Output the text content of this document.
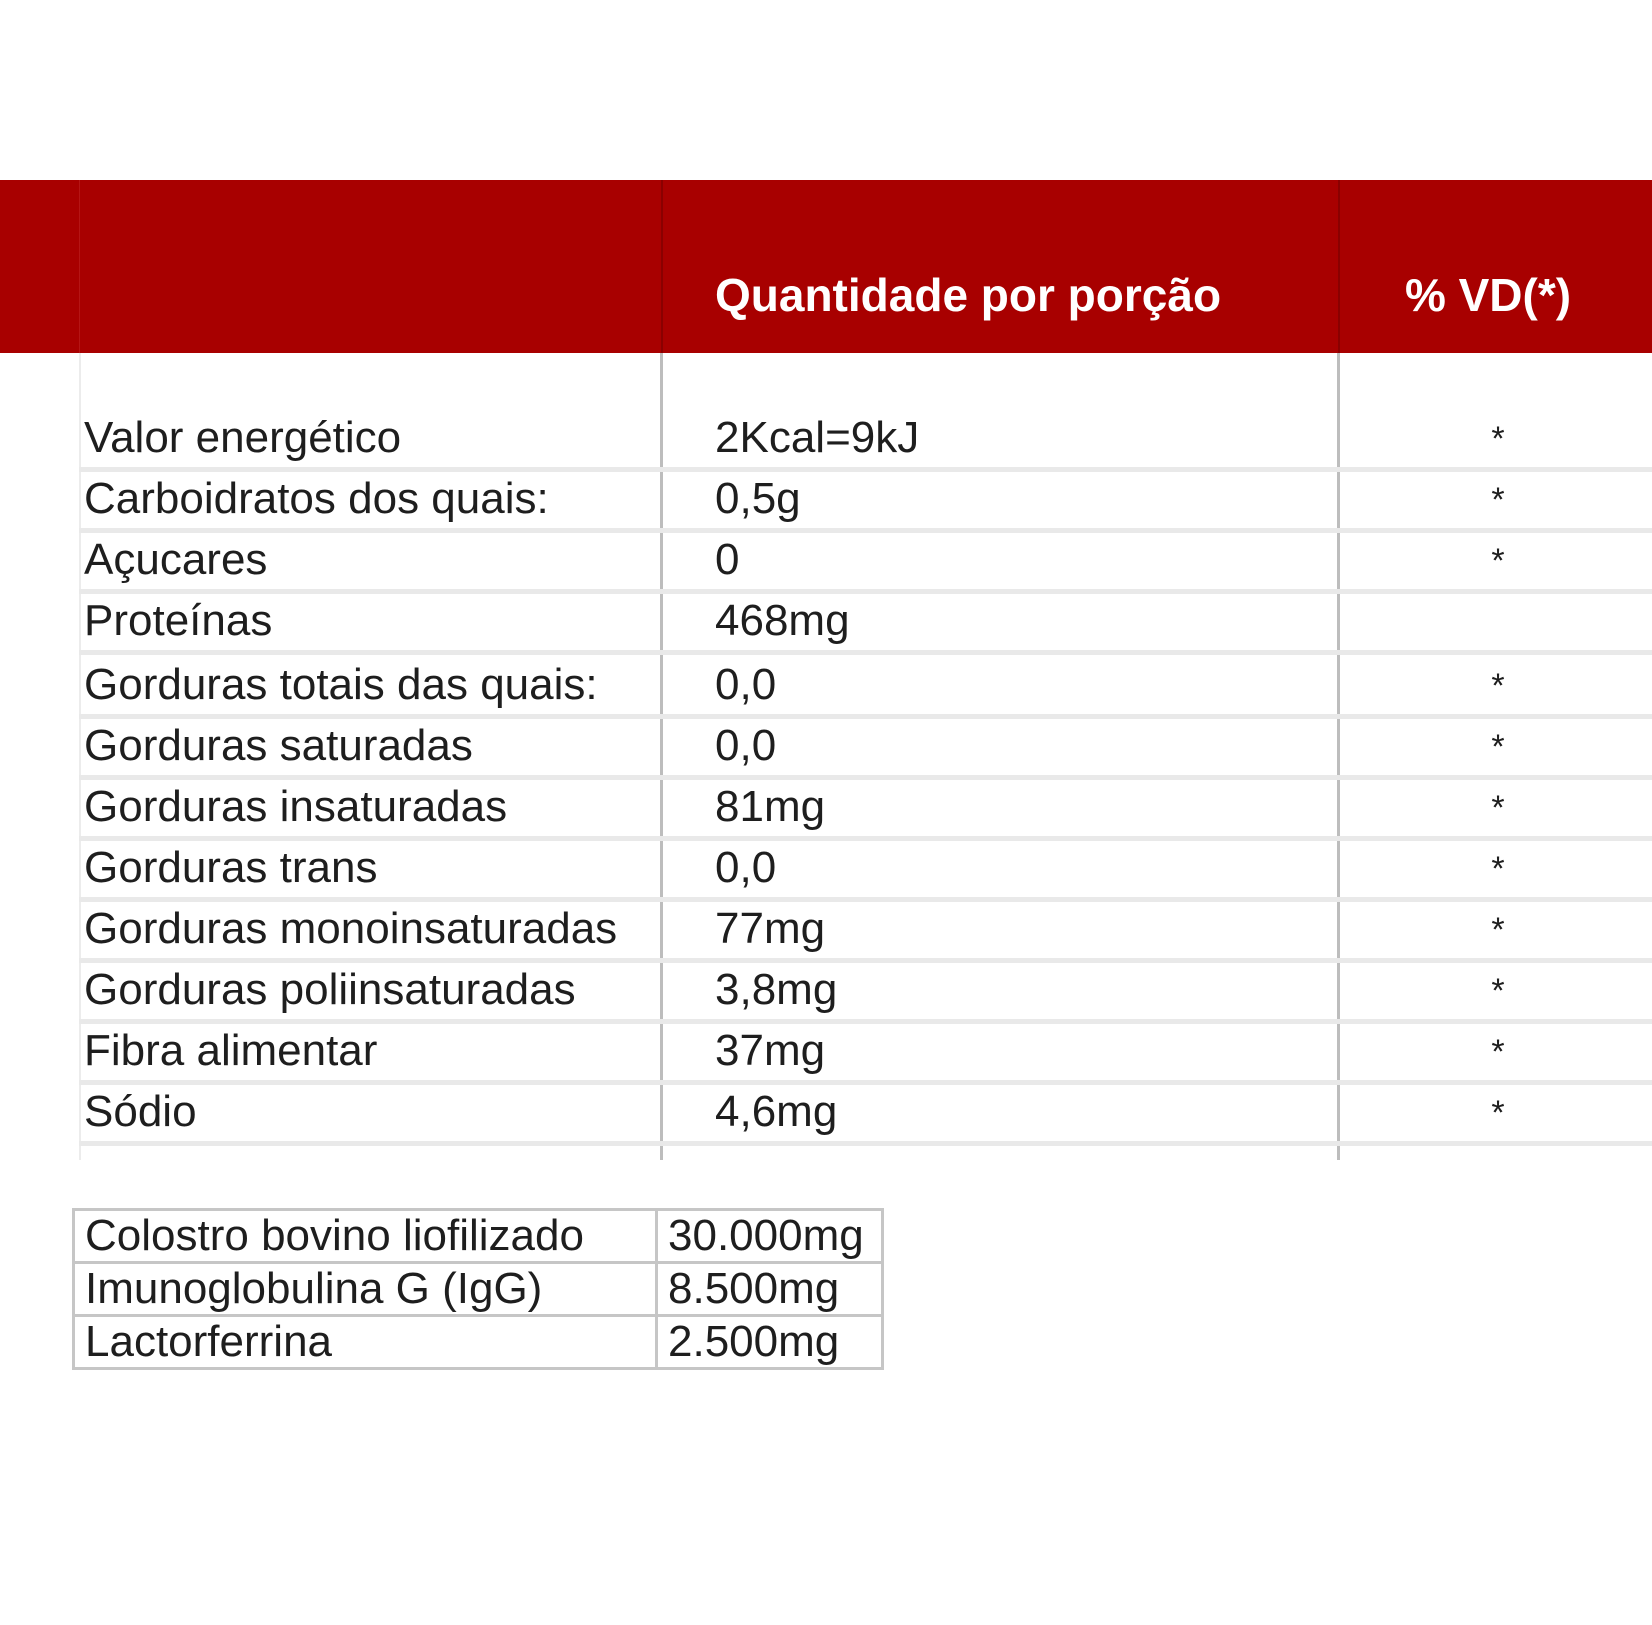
Quantidade por porção	% VD(*)
Valor energético	2Kcal=9kJ	*
Carboidratos dos quais:	0,5g	*
Açucares	0	*
Proteínas	468mg
Gorduras totais das quais:	0,0	*
Gorduras saturadas	0,0	*
Gorduras insaturadas	81mg	*
Gorduras trans	0,0	*
Gorduras monoinsaturadas 77mg	*
Gorduras poliinsaturadas	3,8mg	*
Fibra alimentar	37mg	*
Sódio	4,6mg	*
Colostro bovino liofilizado	30.000mg
Imunoglobulina G (IgG)	8.500mg
Lactorferrina	2.500mg
